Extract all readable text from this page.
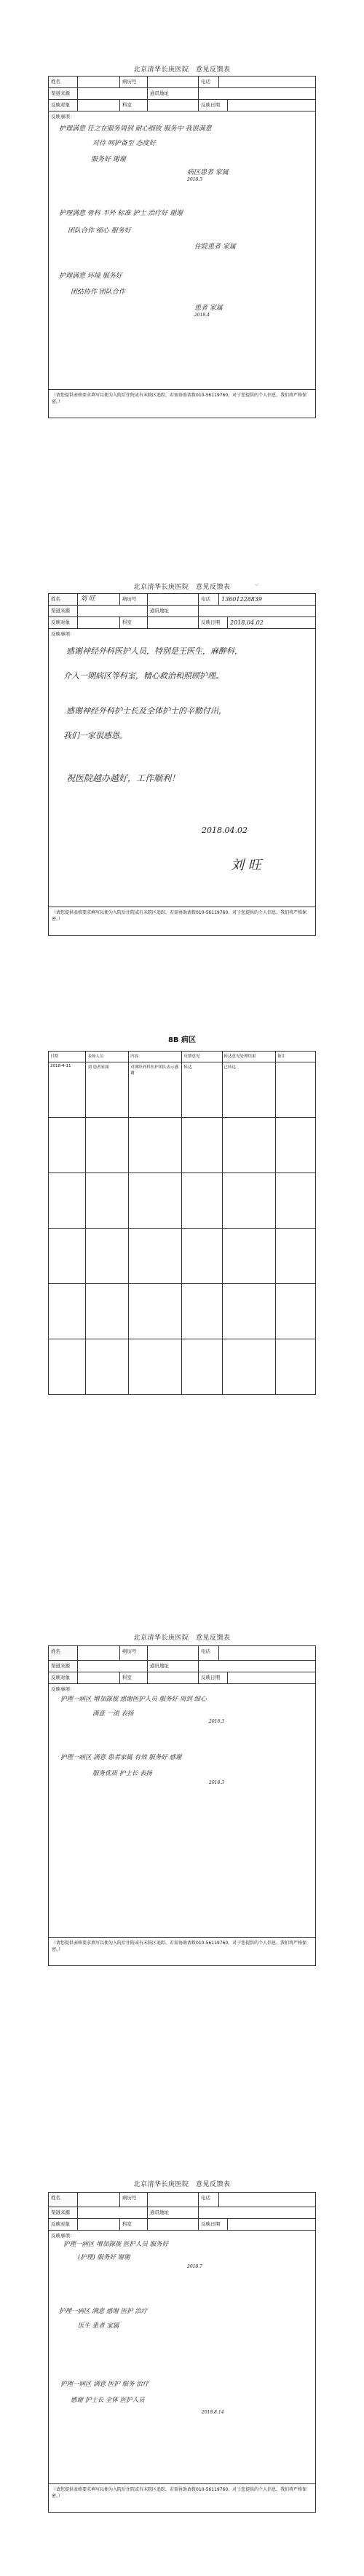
北京清华长庚医院　意见反馈表
姓名	病历号	电话
渠道来源	通讯地址
反映对象	科室	反映日期
反映事项：
护理满意 任之在服务周到 耐心细致 服务中 我很满意
对待 呵护备至 态度好
服务好 谢谢
病区患者 家属
2018.3
护理满意 骨科 平外 标准 护士 治疗好 谢谢
团队合作 细心 服务好
住院患者 家属
护理满意 环境 服务好
团结协作 团队合作
患者 家属
2018.4
（请您提供表格要求填写以便为入院后住院或有未院区追踪，若需协助请拨010-56119760。对于您提供的个人信息，我们将严格保密。）
北京清华长庚医院　意见反馈表	⌵
姓名	刘 旺	病历号	电话	13601228839
渠道来源	通讯地址
反映对象	科室	反映日期	2018.04.02
反映事项：
感谢神经外科医护人员，特别是王医生，麻醉科，
介入一期病区等科室，精心救治和照顾护理。
感谢神经外科护士长及全体护士的辛勤付出，
我们一家很感恩。
祝医院越办越好，工作顺利！
2018.04.02
刘 旺
（请您提供表格要求填写以便为入院后住院或有未院区追踪，若需协助请拨010-56119760。对于您提供的个人信息，我们将严格保密。）
8B 病区
日期	表扬人员	内容	反馈意见	转达意见处理结果	备注
2018-4-11	刘 患者家属	对神经外科医护团队表示感谢	转达	已转达	

北京清华长庚医院　意见反馈表
姓名	病历号	电话
渠道来源	通讯地址
反映对象	科室	反映日期
反映事项：
护理一病区 增加探视 感谢医护人员 服务好 周到 细心
满意 一流 表扬
2018.3
护理一病区 满意 患者家属 有效 服务好 感谢
服务优质 护士长 表扬
2018.3
（请您提供表格要求填写以便为入院后住院或有未院区追踪，若需协助请拨010-56119760。对于您提供的个人信息，我们将严格保密。）
北京清华长庚医院　意见反馈表
姓名	病历号	电话
渠道来源	通讯地址
反映对象	科室	反映日期
反映事项：
护理一病区 增加探视 医护人员 服务好
(护理) 服务好 谢谢
2018.7
护理一病区 满意 感谢 医护 治疗
医生 患者 家属
护理一病区 满意 医护 服务 治疗
感谢 护士长 全体 医护人员
2018.8.14
（请您提供表格要求填写以便为入院后住院或有未院区追踪，若需协助请拨010-56119760。对于您提供的个人信息，我们将严格保密。）
